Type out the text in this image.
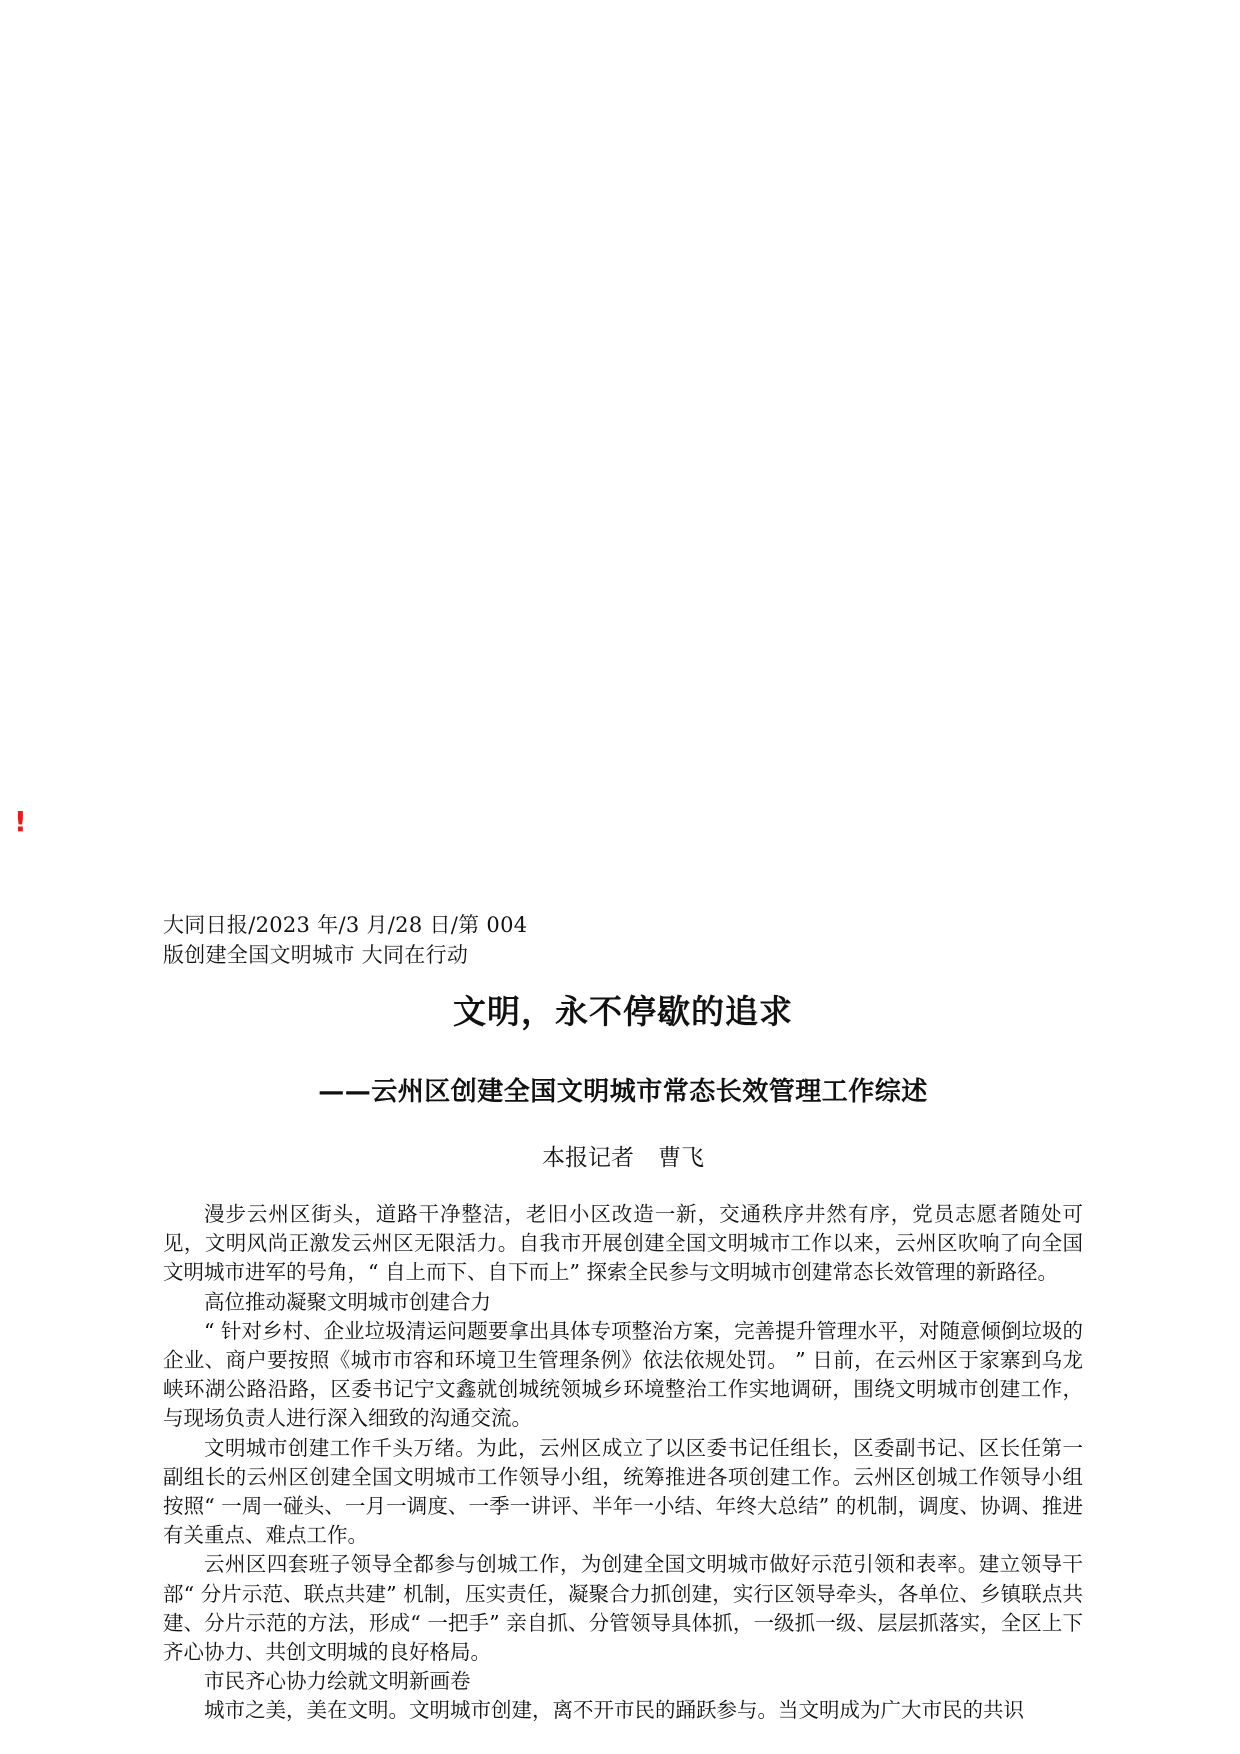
!
大同日报/2023 年/3 月/28 日/第 004
版创建全国文明城市 大同在行动
文明，永不停歇的追求
——云州区创建全国文明城市常态长效管理工作综述
本报记者 曹飞

漫步云州区街头，道路干净整洁，老旧小区改造一新，交通秩序井然有序，党员志愿者随处可见，文明风尚正激发云州区无限活力。自我市开展创建全国文明城市工作以来，云州区吹响了向全国文明城市进军的号角，“ 自上而下、自下而上” 探索全民参与文明城市创建常态长效管理的新路径。

高位推动凝聚文明城市创建合力

“ 针对乡村、企业垃圾清运问题要拿出具体专项整治方案，完善提升管理水平，对随意倾倒垃圾的企业、商户要按照《城市市容和环境卫生管理条例》依法依规处罚。 ” 日前，在云州区于家寨到乌龙峡环湖公路沿路，区委书记宁文鑫就创城统领城乡环境整治工作实地调研，围绕文明城市创建工作，与现场负责人进行深入细致的沟通交流。

文明城市创建工作千头万绪。为此，云州区成立了以区委书记任组长，区委副书记、区长任第一副组长的云州区创建全国文明城市工作领导小组，统筹推进各项创建工作。云州区创城工作领导小组按照“ 一周一碰头、一月一调度、一季一讲评、半年一小结、年终大总结” 的机制，调度、协调、推进有关重点、难点工作。

云州区四套班子领导全都参与创城工作，为创建全国文明城市做好示范引领和表率。建立领导干部“ 分片示范、联点共建” 机制，压实责任，凝聚合力抓创建，实行区领导牵头，各单位、乡镇联点共建、分片示范的方法，形成“ 一把手” 亲自抓、分管领导具体抓，一级抓一级、层层抓落实，全区上下齐心协力、共创文明城的良好格局。

市民齐心协力绘就文明新画卷

城市之美，美在文明。文明城市创建，离不开市民的踊跃参与。当文明成为广大市民的共识
